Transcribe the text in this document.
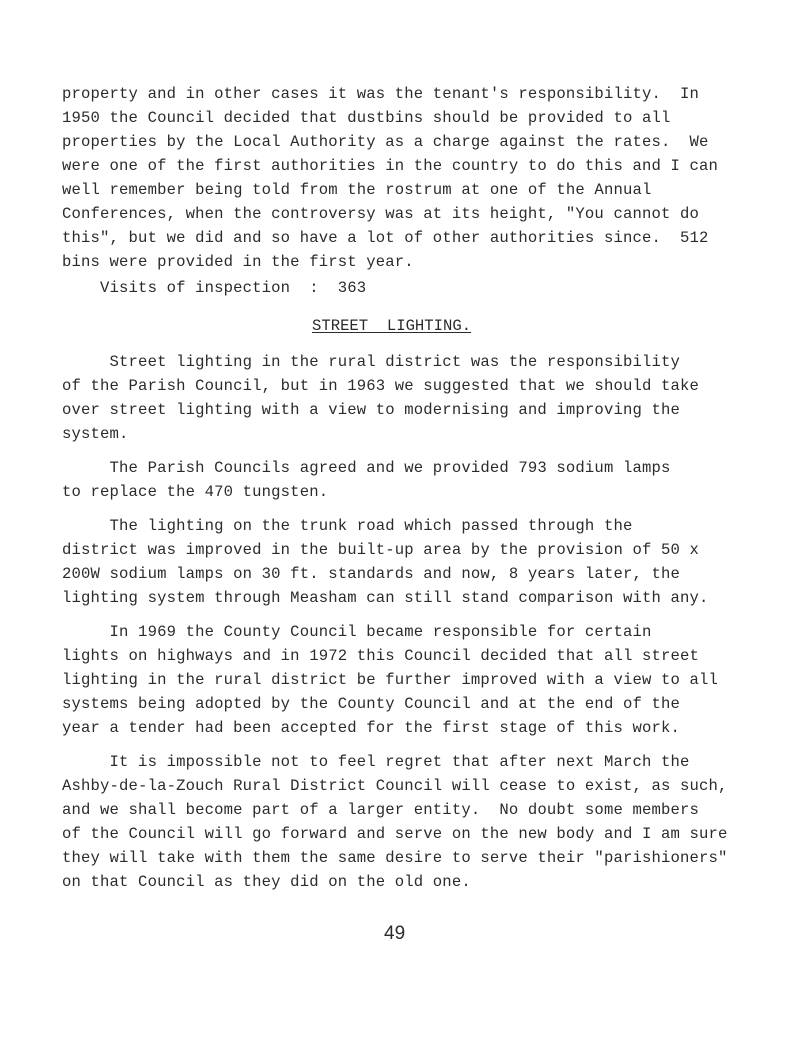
property and in other cases it was the tenant's responsibility.  In
1950 the Council decided that dustbins should be provided to all
properties by the Local Authority as a charge against the rates.  We
were one of the first authorities in the country to do this and I can
well remember being told from the rostrum at one of the Annual
Conferences, when the controversy was at its height, "You cannot do
this", but we did and so have a lot of other authorities since.  512
bins were provided in the first year.
Visits of inspection  :  363
STREET  LIGHTING.
Street lighting in the rural district was the responsibility
of the Parish Council, but in 1963 we suggested that we should take
over street lighting with a view to modernising and improving the
system.
The Parish Councils agreed and we provided 793 sodium lamps
to replace the 470 tungsten.
The lighting on the trunk road which passed through the
district was improved in the built-up area by the provision of 50 x
200W sodium lamps on 30 ft. standards and now, 8 years later, the
lighting system through Measham can still stand comparison with any.
In 1969 the County Council became responsible for certain
lights on highways and in 1972 this Council decided that all street
lighting in the rural district be further improved with a view to all
systems being adopted by the County Council and at the end of the
year a tender had been accepted for the first stage of this work.
It is impossible not to feel regret that after next March the
Ashby-de-la-Zouch Rural District Council will cease to exist, as such,
and we shall become part of a larger entity.  No doubt some members
of the Council will go forward and serve on the new body and I am sure
they will take with them the same desire to serve their "parishioners"
on that Council as they did on the old one.
49
